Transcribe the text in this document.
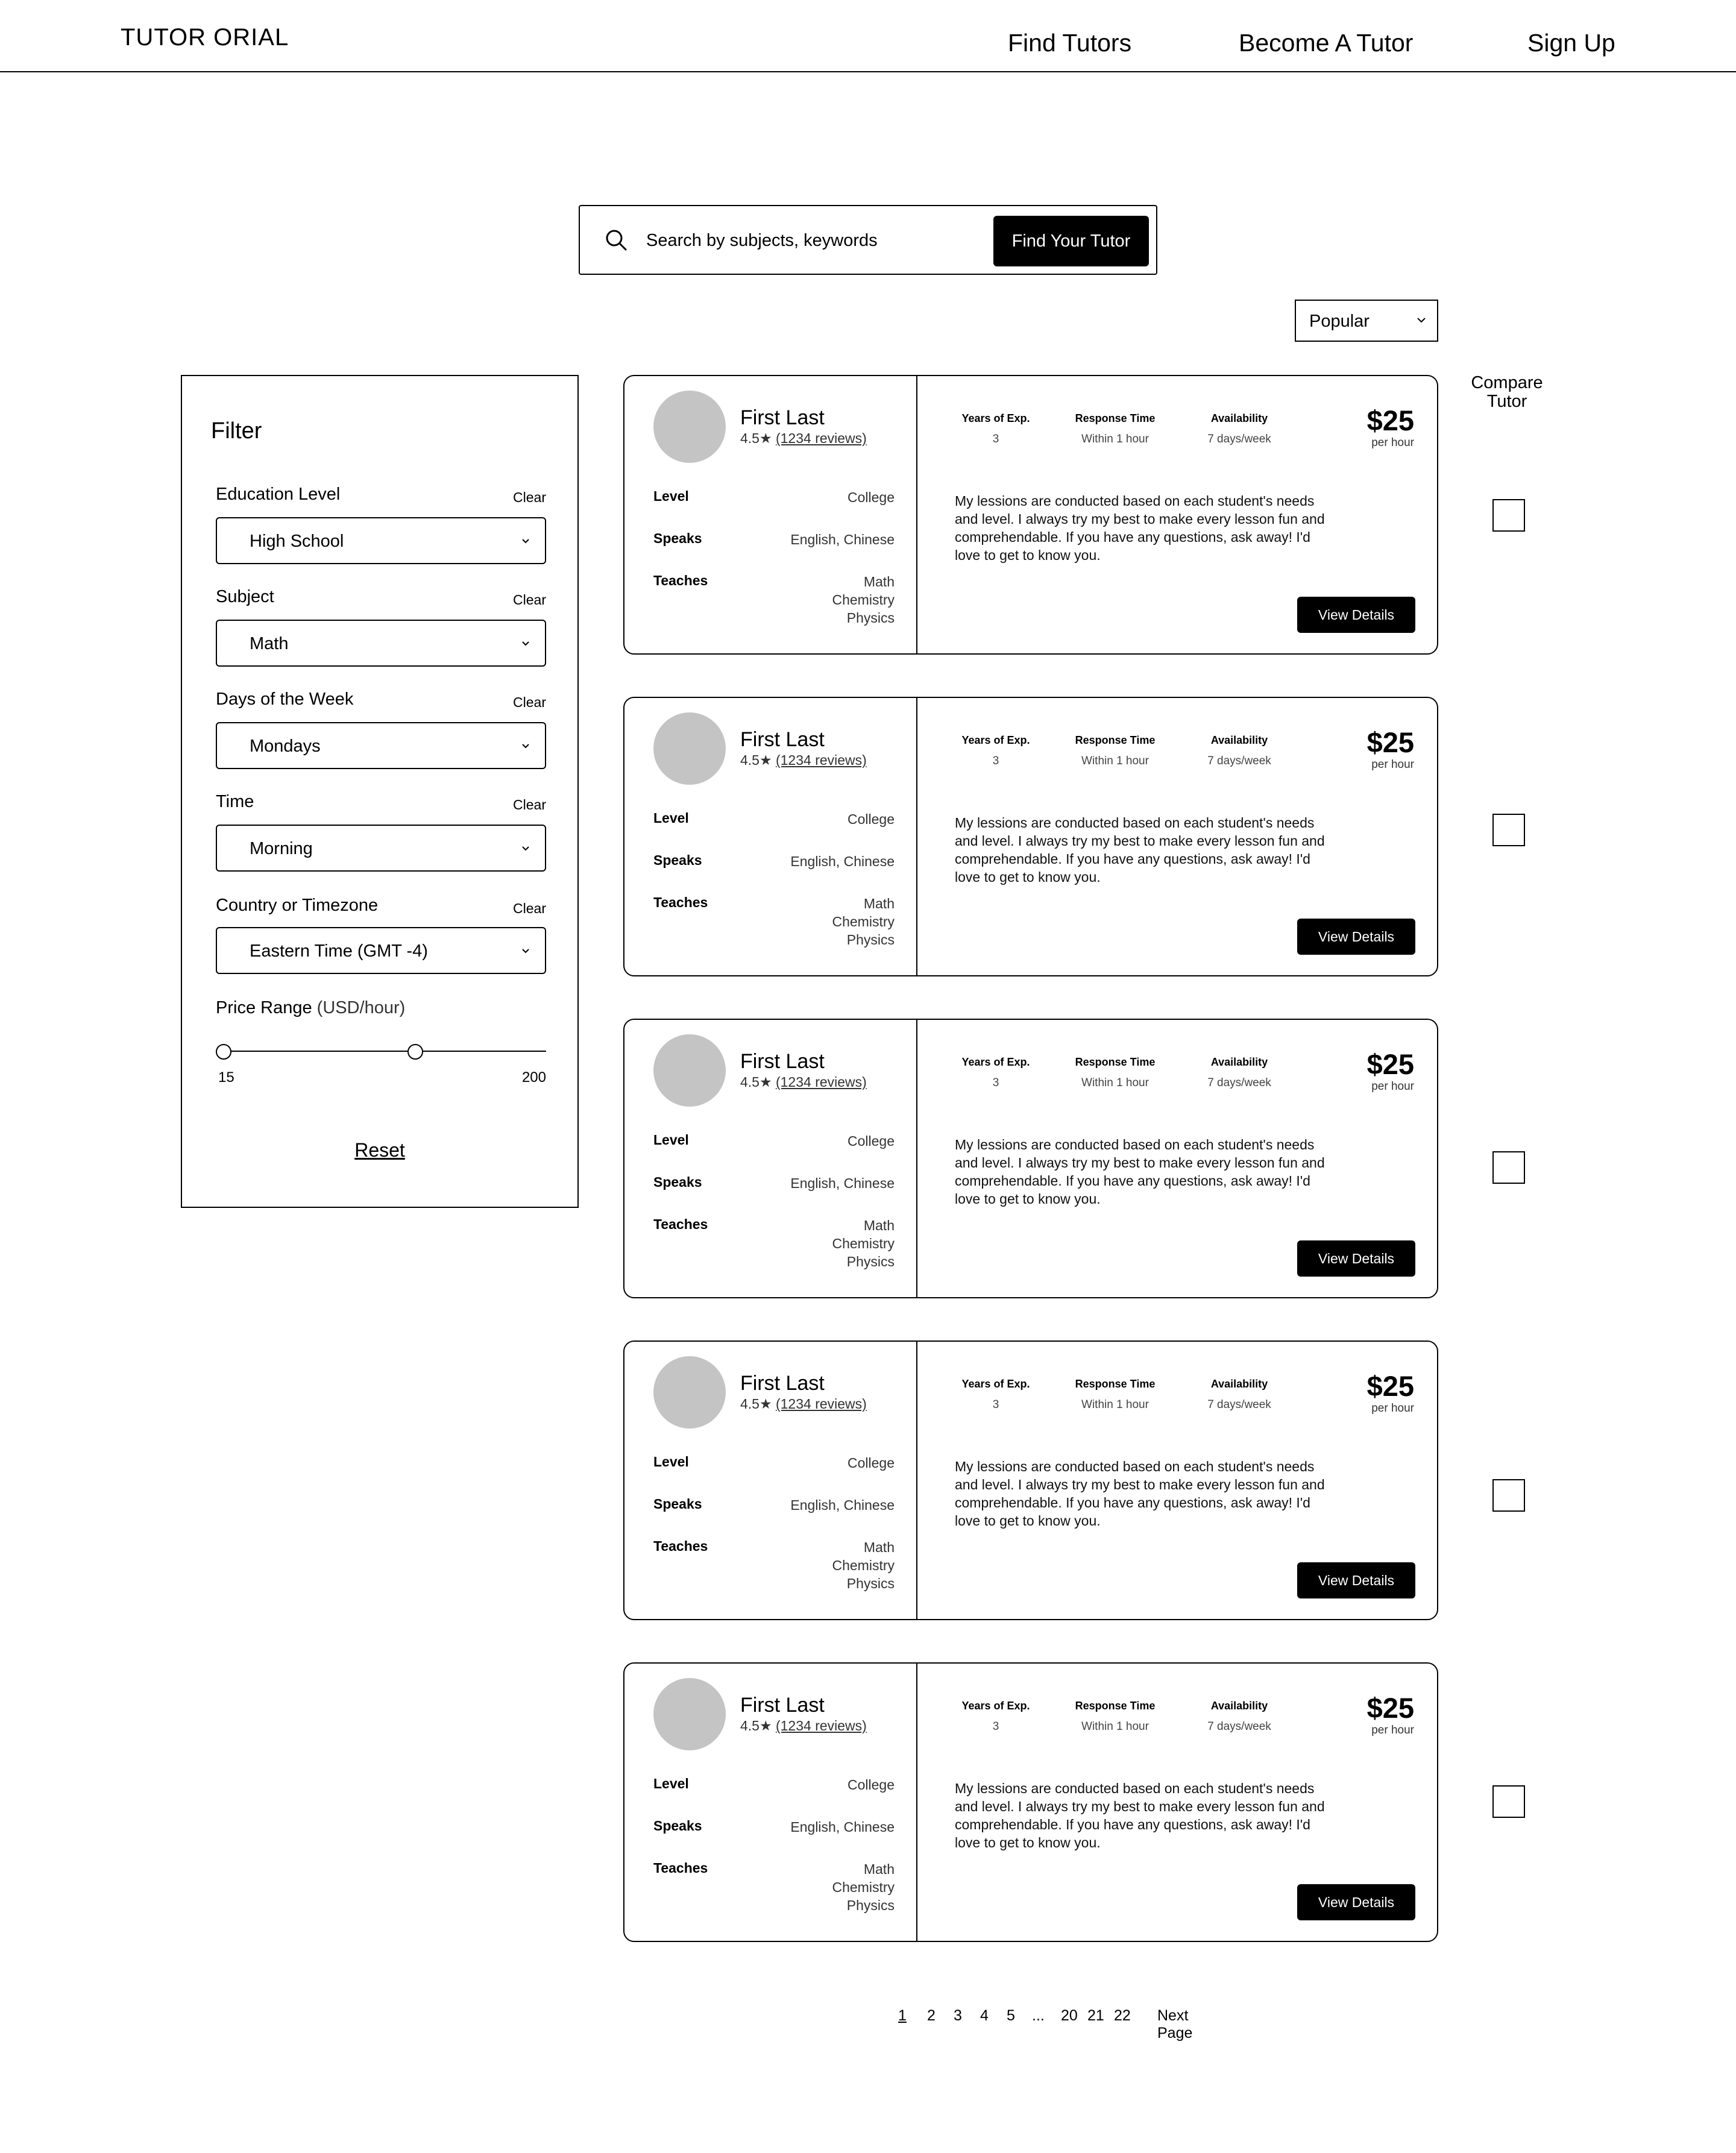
TUTOR ORIAL	Find Tutors	Become A Tutor	Sign Up
Search by subjects, keywords
Find Your Tutor
Popular
Filter
Education Level	Clear
High School
Subject	Clear
Math
Days of the Week	Clear
Mondays
Time	Clear
Morning
Country or Timezone	Clear
Eastern Time (GMT -4)
Price Range (USD/hour)
15	200
Reset
Compare Tutor
First Last
4.5★ (1234 reviews)
Level	College
Speaks	English, Chinese
Teaches	Math
Chemistry
Physics
Years of Exp.
3
Response Time
Within 1 hour
Availability
7 days/week
$25
per hour
My lessions are conducted based on each student's needs and level. I always try my best to make every lesson fun and comprehendable. If you have any questions, ask away! I'd love to get to know you.
View Details
First Last
4.5★ (1234 reviews)
Level	College
Speaks	English, Chinese
Teaches	Math
Chemistry
Physics
Years of Exp.
3
Response Time
Within 1 hour
Availability
7 days/week
$25
per hour
My lessions are conducted based on each student's needs and level. I always try my best to make every lesson fun and comprehendable. If you have any questions, ask away! I'd love to get to know you.
View Details
First Last
4.5★ (1234 reviews)
Level	College
Speaks	English, Chinese
Teaches	Math
Chemistry
Physics
Years of Exp.
3
Response Time
Within 1 hour
Availability
7 days/week
$25
per hour
My lessions are conducted based on each student's needs and level. I always try my best to make every lesson fun and comprehendable. If you have any questions, ask away! I'd love to get to know you.
View Details
First Last
4.5★ (1234 reviews)
Level	College
Speaks	English, Chinese
Teaches	Math
Chemistry
Physics
Years of Exp.
3
Response Time
Within 1 hour
Availability
7 days/week
$25
per hour
My lessions are conducted based on each student's needs and level. I always try my best to make every lesson fun and comprehendable. If you have any questions, ask away! I'd love to get to know you.
View Details
First Last
4.5★ (1234 reviews)
Level	College
Speaks	English, Chinese
Teaches	Math
Chemistry
Physics
Years of Exp.
3
Response Time
Within 1 hour
Availability
7 days/week
$25
per hour
My lessions are conducted based on each student's needs and level. I always try my best to make every lesson fun and comprehendable. If you have any questions, ask away! I'd love to get to know you.
View Details
1 2 3 4 5 ... 20 21 22 Next Page
